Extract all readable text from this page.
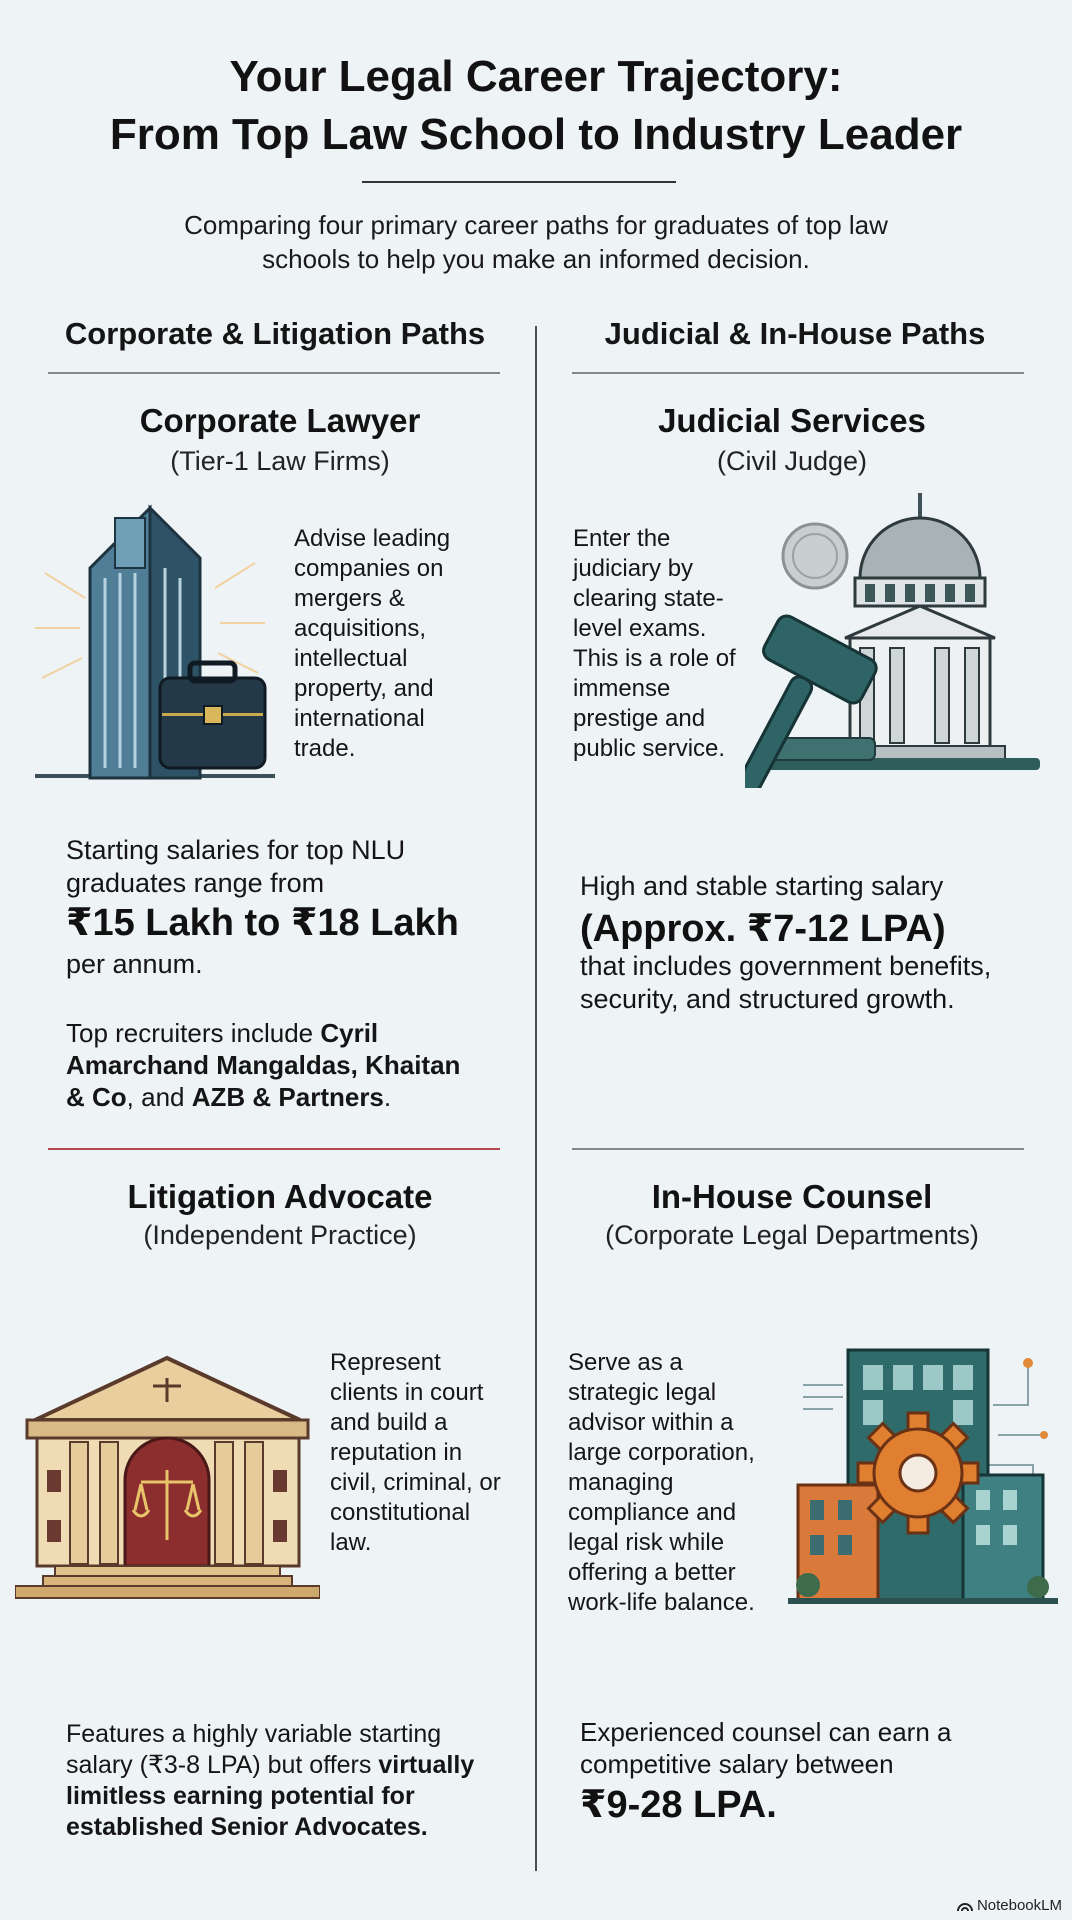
Your Legal Career Trajectory:
From Top Law School to Industry Leader
Comparing four primary career paths for graduates of top law
schools to help you make an informed decision.
Corporate & Litigation Paths	Judicial & In-House Paths
Corporate Lawyer
(Tier-1 Law Firms)
Advise leading
companies on
mergers &
acquisitions,
intellectual
property, and
international
trade.
Starting salaries for top NLU
graduates range from
₹15 Lakh to ₹18 Lakh
per annum.
Top recruiters include Cyril
Amarchand Mangaldas, Khaitan
& Co, and AZB & Partners.
Judicial Services
(Civil Judge)
Enter the
judiciary by
clearing state-
level exams.
This is a role of
immense
prestige and
public service.
High and stable starting salary
(Approx. ₹7-12 LPA)
that includes government benefits,
security, and structured growth.
Litigation Advocate
(Independent Practice)
Represent
clients in court
and build a
reputation in
civil, criminal, or
constitutional
law.
Features a highly variable starting
salary (₹3-8 LPA) but offers virtually
limitless earning potential for
established Senior Advocates.
In-House Counsel
(Corporate Legal Departments)
Serve as a
strategic legal
advisor within a
large corporation,
managing
compliance and
legal risk while
offering a better
work-life balance.
Experienced counsel can earn a
competitive salary between
₹9-28 LPA.
NotebookLM
